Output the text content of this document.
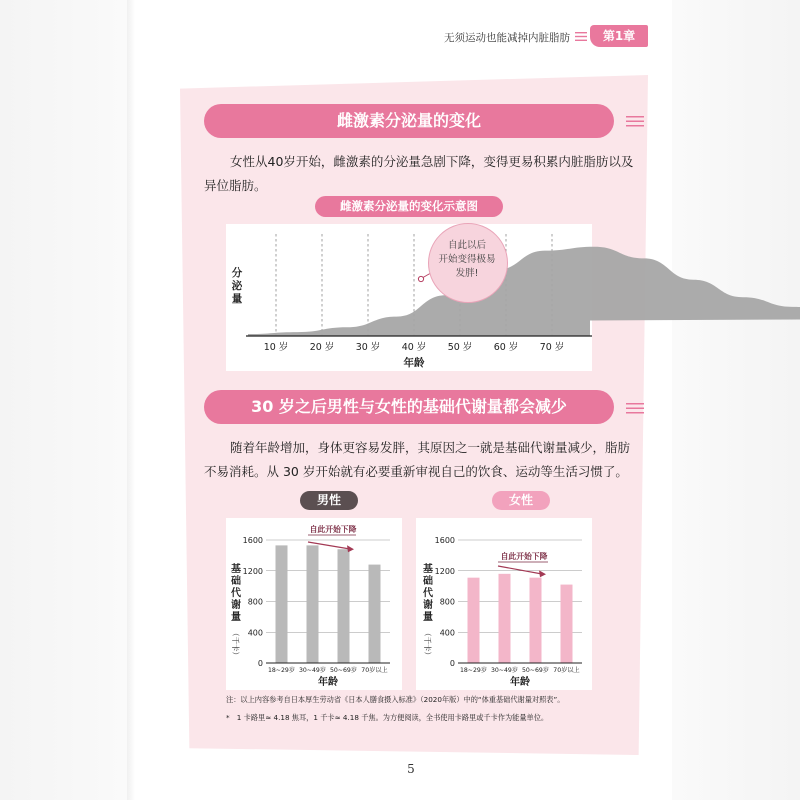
无须运动也能减掉内脏脂肪	第1章
雌激素分泌量的变化
女性从40岁开始，雌激素的分泌量急剧下降，变得更易积累内脏脂肪以及
异位脂肪。
雌激素分泌量的变化示意图
10 岁 20 岁 30 岁 40 岁 50 岁 60 岁 70 岁
年龄
分
泌
量
自此以后
开始变得极易
发胖!
30 岁之后男性与女性的基础代谢量都会减少
随着年龄增加，身体更容易发胖，其原因之一就是基础代谢量减少，脂肪
不易消耗。从 30 岁开始就有必要重新审视自己的饮食、运动等生活习惯了。
男性	女性
0
400
800
1200
1600
18~29岁 30~49岁 50~69岁 70岁以上
年龄
基
础
代
谢
量
（千卡）
自此开始下降
0
400
800
1200
1600
18~29岁 30~49岁 50~69岁 70岁以上
年龄
基
础
代
谢
量
（千卡）
自此开始下降
注：以上内容参考自日本厚生劳动省《日本人膳食摄入标准》（2020年版）中的“体重基础代谢量对照表”。
*　1 卡路里≈ 4.18 焦耳，1 千卡≈ 4.18 千焦。为方便阅读，全书使用卡路里或千卡作为能量单位。
5
